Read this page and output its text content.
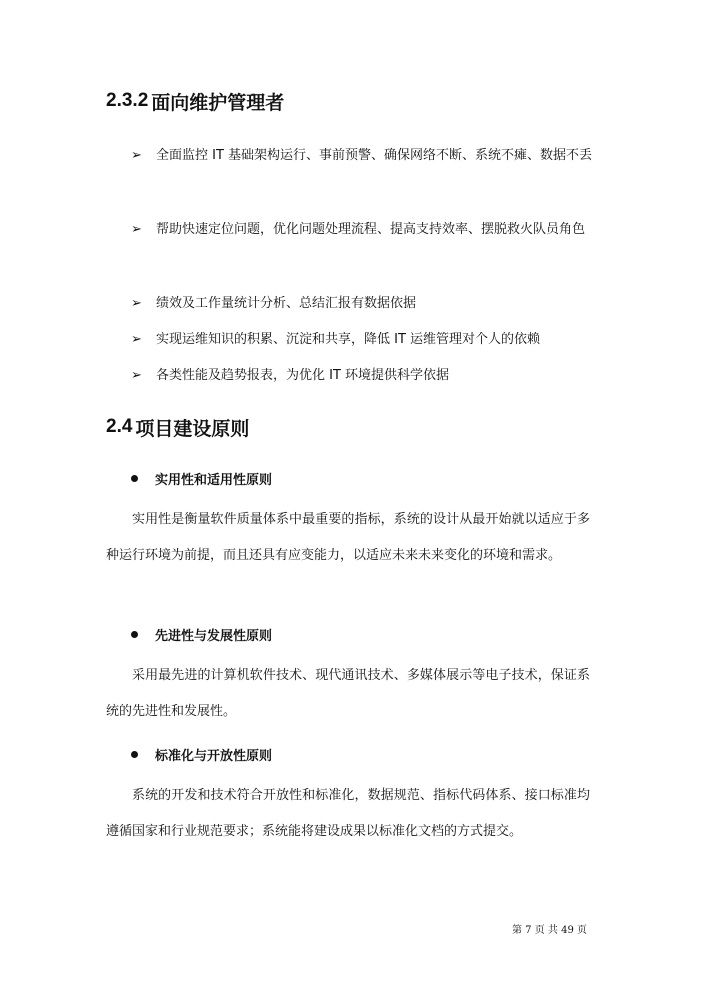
2.3.2 面向维护管理者
➢ 全面监控 IT 基础架构运行、事前预警、确保网络不断、系统不瘫、数据不丢
➢ 帮助快速定位问题，优化问题处理流程、提高支持效率、摆脱救火队员角色
➢ 绩效及工作量统计分析、总结汇报有数据依据
➢ 实现运维知识的积累、沉淀和共享，降低 IT 运维管理对个人的依赖
➢ 各类性能及趋势报表，为优化 IT 环境提供科学依据
2.4 项目建设原则
实用性和适用性原则
实用性是衡量软件质量体系中最重要的指标，系统的设计从最开始就以适应于多种运行环境为前提，而且还具有应变能力，以适应未来未来变化的环境和需求。
先进性与发展性原则
采用最先进的计算机软件技术、现代通讯技术、多媒体展示等电子技术，保证系统的先进性和发展性。
标准化与开放性原则
系统的开发和技术符合开放性和标准化，数据规范、指标代码体系、接口标准均遵循国家和行业规范要求；系统能将建设成果以标准化文档的方式提交。
第 7 页 共 49 页
